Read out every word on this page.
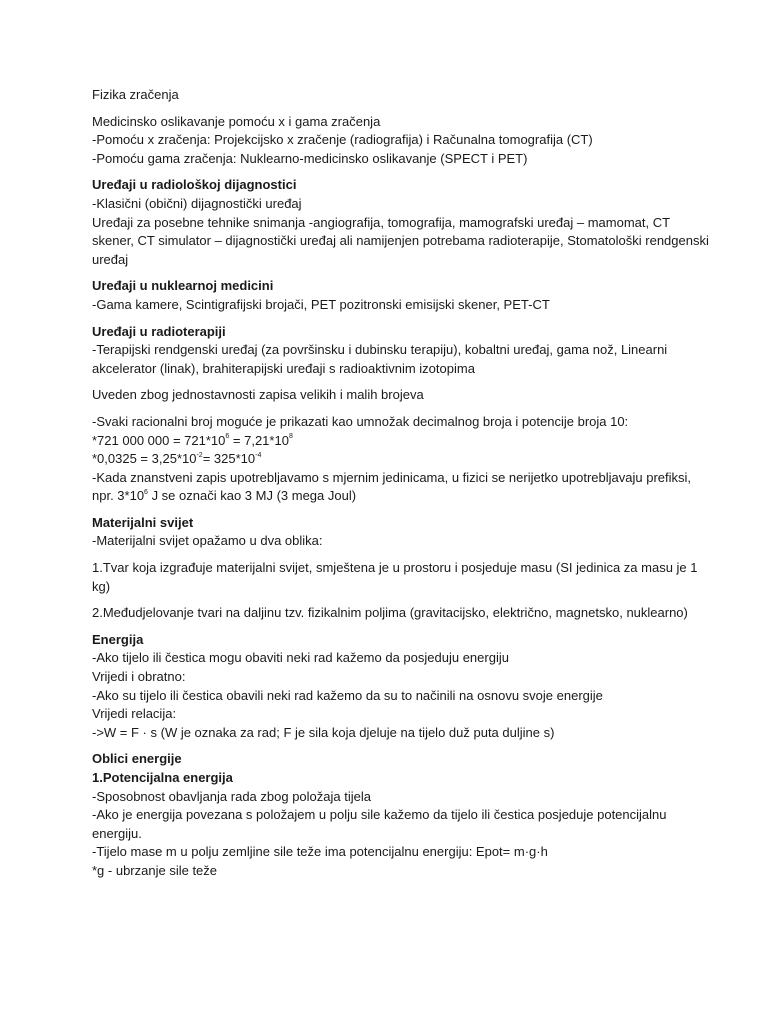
Fizika zračenja

Medicinsko oslikavanje pomoću x i gama zračenja
-Pomoću x zračenja: Projekcijsko x zračenje (radiografija) i Računalna tomografija (CT)
-Pomoću gama zračenja: Nuklearno-medicinsko oslikavanje (SPECT i PET)

Uređaji u radiološkoj dijagnostici
-Klasični (obični) dijagnostički uređaj
Uređaji za posebne tehnike snimanja -angiografija, tomografija, mamografski uređaj – mamomat, CT skener, CT simulator – dijagnostički uređaj ali namijenjen potrebama radioterapije, Stomatološki rendgenski uređaj

Uređaji u nuklearnoj medicini
-Gama kamere, Scintigrafijski brojači, PET pozitronski emisijski skener, PET-CT

Uređaji u radioterapiji
-Terapijski rendgenski uređaj (za površinsku i dubinsku terapiju), kobaltni uređaj, gama nož, Linearni akcelerator (linak), brahiterapijski uređaji s radioaktivnim izotopima

Uveden zbog jednostavnosti zapisa velikih i malih brojeva

-Svaki racionalni broj moguće je prikazati kao umnožak decimalnog broja i potencije broja 10:
*721 000 $000 = 721*10^6 = 7,21*10^8$
$*0,0325 = 3,25*10^{-2}= 325*10^{-4}$
-Kada znanstveni zapis upotrebljavamo s mjernim jedinicama, u fizici se nerijetko upotrebljavaju prefiksi, npr. $3*10^6$ J se označi kao 3 MJ (3 mega Joul)

Materijalni svijet
-Materijalni svijet opažamo u dva oblika:

1.Tvar koja izgrađuje materijalni svijet, smještena je u prostoru i posjeduje masu (SI jedinica za masu je 1 kg)

2.Međudjelovanje tvari na daljinu tzv. fizikalnim poljima (gravitacijsko, električno, magnetsko, nuklearno)

Energija
-Ako tijelo ili čestica mogu obaviti neki rad kažemo da posjeduju energiju
Vrijedi i obratno:
-Ako su tijelo ili čestica obavili neki rad kažemo da su to načinili na osnovu svoje energije
Vrijedi relacija:
->W = F · s (W je oznaka za rad; F je sila koja djeluje na tijelo duž puta duljine s)

Oblici energije
1.Potencijalna energija
-Sposobnost obavljanja rada zbog položaja tijela
-Ako je energija povezana s položajem u polju sile kažemo da tijelo ili čestica posjeduje potencijalnu energiju.
-Tijelo mase m u polju zemljine sile teže ima potencijalnu energiju: Epot= m·g·h
*g - ubrzanje sile teže
